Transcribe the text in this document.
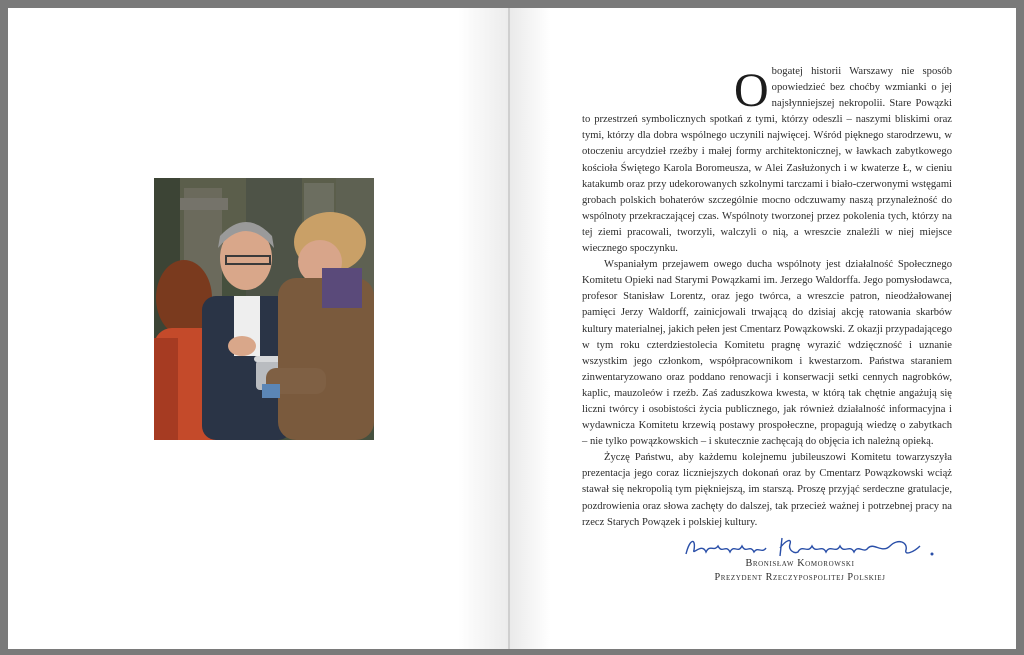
Obogatej historii Warszawy nie sposób opowiedzieć bez choćby wzmianki o jej najsłynniejszej nekropolii. Stare Powązki to przestrzeń symbolicznych spotkań z tymi, którzy odeszli – naszymi bliskimi oraz tymi, którzy dla dobra wspólnego uczynili najwięcej. Wśród pięknego starodrzewu, w otoczeniu arcydzieł rzeźby i małej formy architektonicznej, w ławkach zabytkowego kościoła Świętego Karola Boromeusza, w Alei Zasłużonych i w kwaterze Ł, w cieniu katakumb oraz przy udekorowanych szkolnymi tarczami i biało-czerwonymi wstęgami grobach polskich bohaterów szczególnie mocno odczuwamy naszą przynależność do wspólnoty przekraczającej czas. Wspólnoty tworzonej przez pokolenia tych, którzy na tej ziemi pracowali, tworzyli, walczyli o nią, a wreszcie znaleźli w niej miejsce wiecznego spoczynku.

Wspaniałym przejawem owego ducha wspólnoty jest działalność Społecznego Komitetu Opieki nad Starymi Powązkami im. Jerzego Waldorffa. Jego pomysłodawca, profesor Stanisław Lorentz, oraz jego twórca, a wreszcie patron, nieodżałowanej pamięci Jerzy Waldorff, zainicjowali trwającą do dzisiaj akcję ratowania skarbów kultury materialnej, jakich pełen jest Cmentarz Powązkowski. Z okazji przypadającego w tym roku czterdziestolecia Komitetu pragnę wyrazić wdzięczność i uznanie wszystkim jego członkom, współpracownikom i kwestarzom. Państwa staraniem zinwentaryzowano oraz poddano renowacji i konserwacji setki cennych nagrobków, kaplic, mauzoleów i rzeźb. Zaś zaduszkowa kwesta, w którą tak chętnie angażują się liczni twórcy i osobistości życia publicznego, jak również działalność informacyjna i wydawnicza Komitetu krzewią postawy prospołeczne, propagują wiedzę o zabytkach – nie tylko powązkowskich – i skutecznie zachęcają do objęcia ich należną opieką.

Życzę Państwu, aby każdemu kolejnemu jubileuszowi Komitetu towarzyszyła prezentacja jego coraz liczniejszych dokonań oraz by Cmentarz Powązkowski wciąż stawał się nekropolią tym piękniejszą, im starszą. Proszę przyjąć serdeczne gratulacje, pozdrowienia oraz słowa zachęty do dalszej, tak przecież ważnej i potrzebnej pracy na rzecz Starych Powązek i polskiej kultury.

Bronisław Komorowski
Prezydent Rzeczypospolitej Polskiej
